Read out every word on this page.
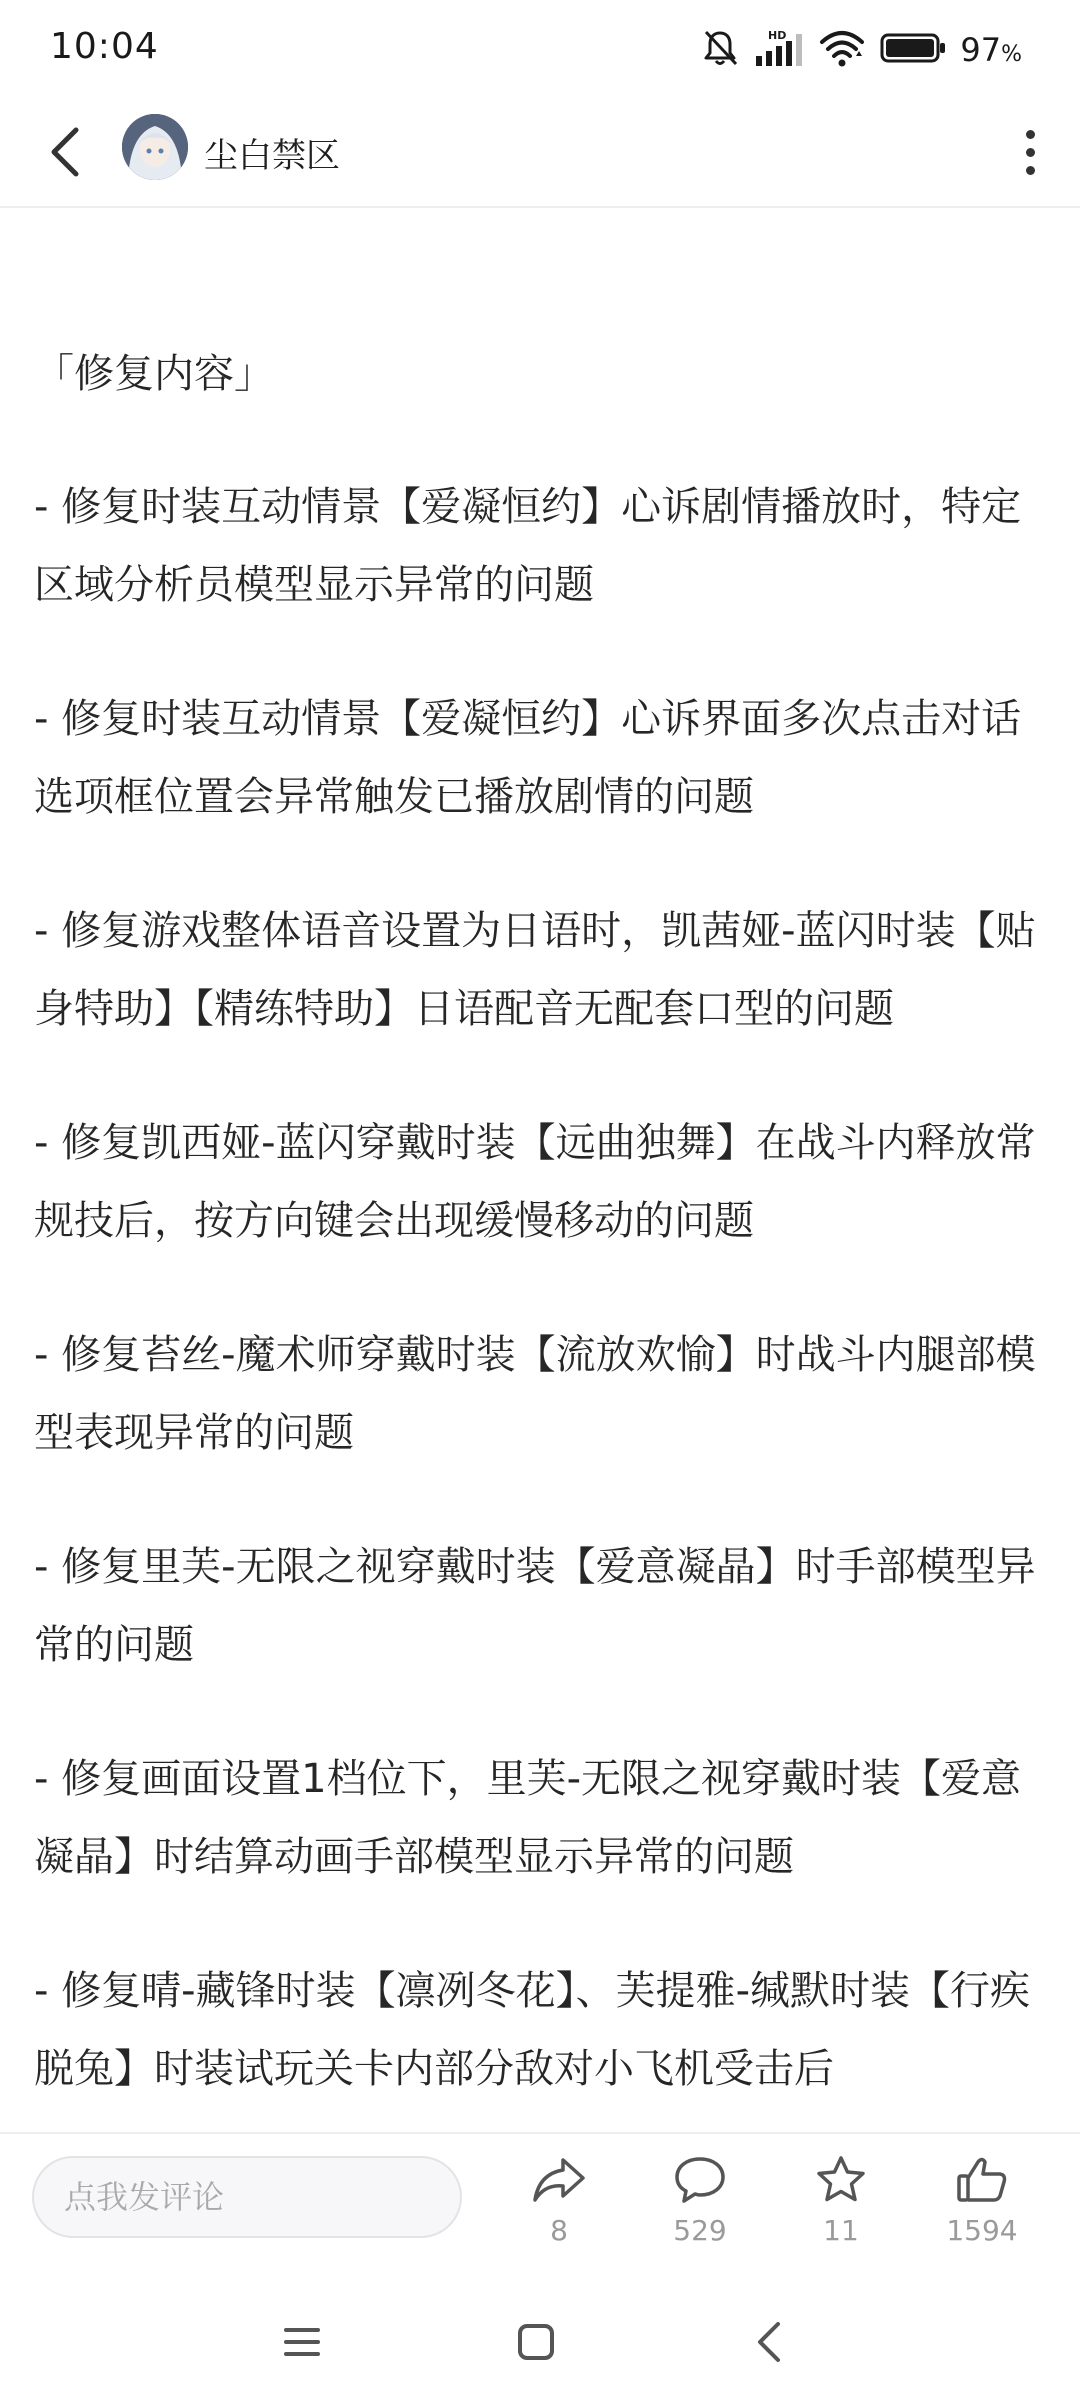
10:04	HD	97%
尘白禁区
「修复内容」
- 修复时装互动情景【爱凝恒约】心诉剧情播放时，特定区域分析员模型显示异常的问题
- 修复时装互动情景【爱凝恒约】心诉界面多次点击对话选项框位置会异常触发已播放剧情的问题
- 修复游戏整体语音设置为日语时，凯茜娅-蓝闪时装【贴身特助】【精练特助】日语配音无配套口型的问题
- 修复凯西娅-蓝闪穿戴时装【远曲独舞】在战斗内释放常规技后，按方向键会出现缓慢移动的问题
- 修复苔丝-魔术师穿戴时装【流放欢愉】时战斗内腿部模型表现异常的问题
- 修复里芙-无限之视穿戴时装【爱意凝晶】时手部模型异常的问题
- 修复画面设置1档位下，里芙-无限之视穿戴时装【爱意凝晶】时结算动画手部模型显示异常的问题
- 修复晴-藏锋时装【凛冽冬花】、芙提雅-缄默时装【行疾脱兔】时装试玩关卡内部分敌对小飞机受击后
点我发评论
8	529	11	1594
